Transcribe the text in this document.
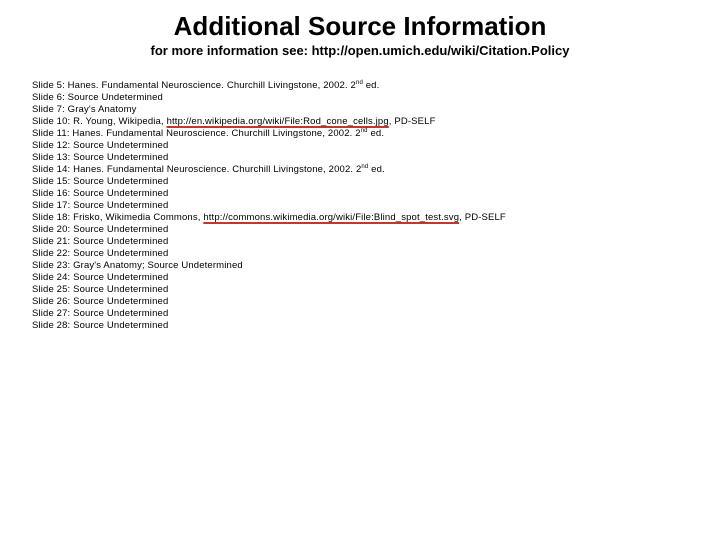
Additional Source Information
for more information see: http://open.umich.edu/wiki/Citation.Policy
Slide 5: Hanes. Fundamental Neuroscience. Churchill Livingstone, 2002. 2nd ed.
Slide 6: Source Undetermined
Slide 7: Gray's Anatomy
Slide 10: R. Young, Wikipedia, http://en.wikipedia.org/wiki/File:Rod_cone_cells.jpg, PD-SELF
Slide 11: Hanes. Fundamental Neuroscience. Churchill Livingstone, 2002. 2nd ed.
Slide 12: Source Undetermined
Slide 13: Source Undetermined
Slide 14: Hanes. Fundamental Neuroscience. Churchill Livingstone, 2002. 2nd ed.
Slide 15: Source Undetermined
Slide 16: Source Undetermined
Slide 17: Source Undetermined
Slide 18: Frisko, Wikimedia Commons, http://commons.wikimedia.org/wiki/File:Blind_spot_test.svg, PD-SELF
Slide 20: Source Undetermined
Slide 21: Source Undetermined
Slide 22: Source Undetermined
Slide 23: Gray's Anatomy; Source Undetermined
Slide 24: Source Undetermined
Slide 25: Source Undetermined
Slide 26: Source Undetermined
Slide 27: Source Undetermined
Slide 28: Source Undetermined
